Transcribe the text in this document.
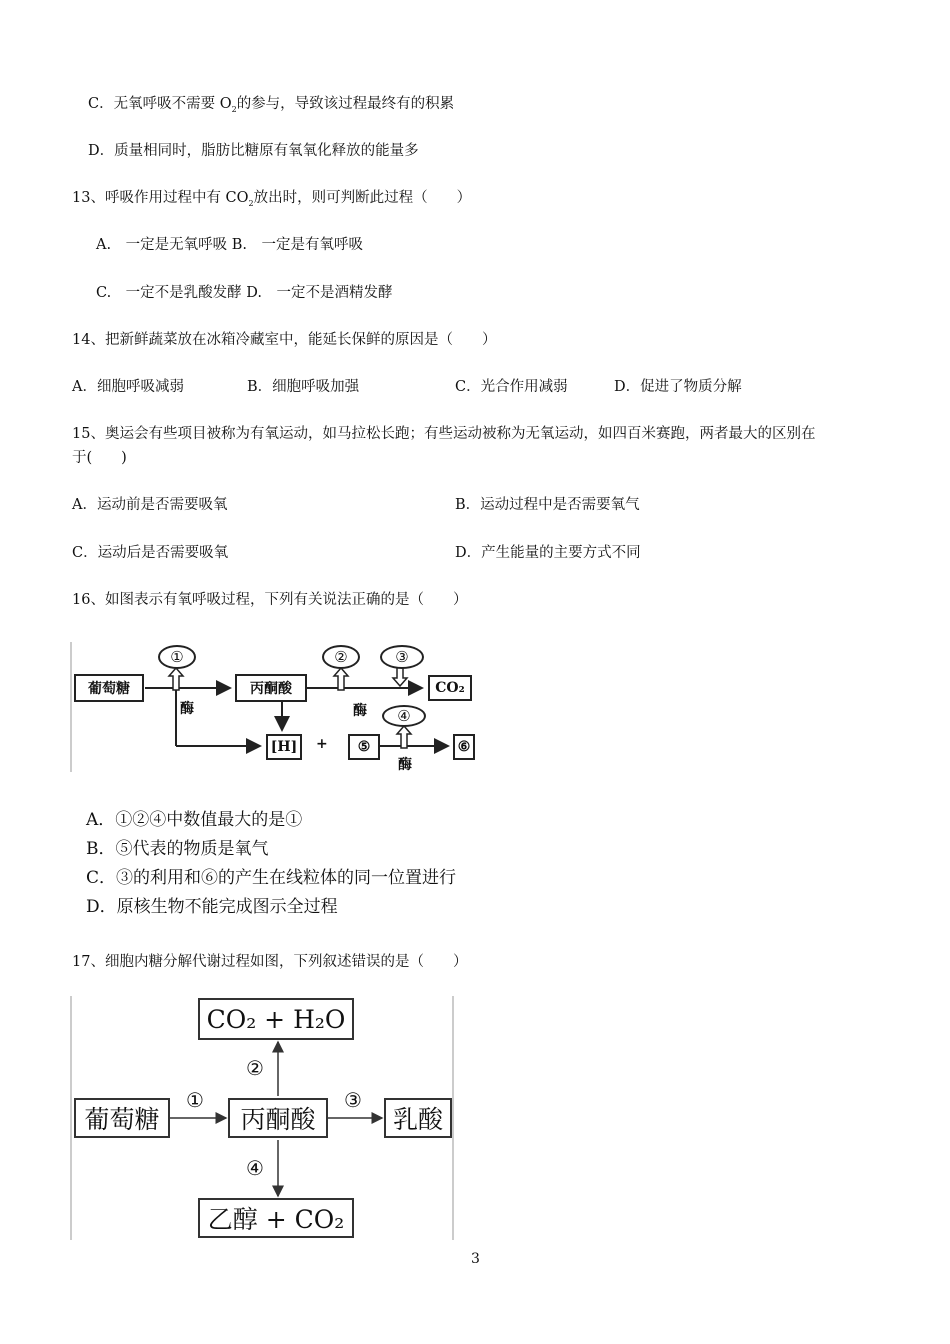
C．无氧呼吸不需要 $O_2$的参与，导致该过程最终有的积累
D．质量相同时，脂肪比糖原有氧氧化释放的能量多
13、呼吸作用过程中有 $CO_2$放出时，则可判断此过程（　　）
A.　一定是无氧呼吸 B.　一定是有氧呼吸
C.　一定不是乳酸发酵 D.　一定不是酒精发酵
14、把新鲜蔬菜放在冰箱冷藏室中，能延长保鲜的原因是（　　）
A．细胞呼吸减弱	B．细胞呼吸加强	C．光合作用减弱	D．促进了物质分解
15、奥运会有些项目被称为有氧运动，如马拉松长跑；有些运动被称为无氧运动，如四百米赛跑，两者最大的区别在
于(　　)
A．运动前是否需要吸氧	B．运动过程中是否需要氧气
C．运动后是否需要吸氧	D．产生能量的主要方式不同
16、如图表示有氧呼吸过程，下列有关说法正确的是（　　）
葡萄糖	丙酮酸	CO₂
[H]	+	⑤	⑥
①	②	③
④
酶	酶
酶
A．①②④中数值最大的是①
B．⑤代表的物质是氧气
C．③的利用和⑥的产生在线粒体的同一位置进行
D．原核生物不能完成图示全过程
17、细胞内糖分解代谢过程如图，下列叙述错误的是（　　）
CO₂ + H₂O
葡萄糖	丙酮酸	乳酸
乙醇 + CO₂
①
②
③
④
3
